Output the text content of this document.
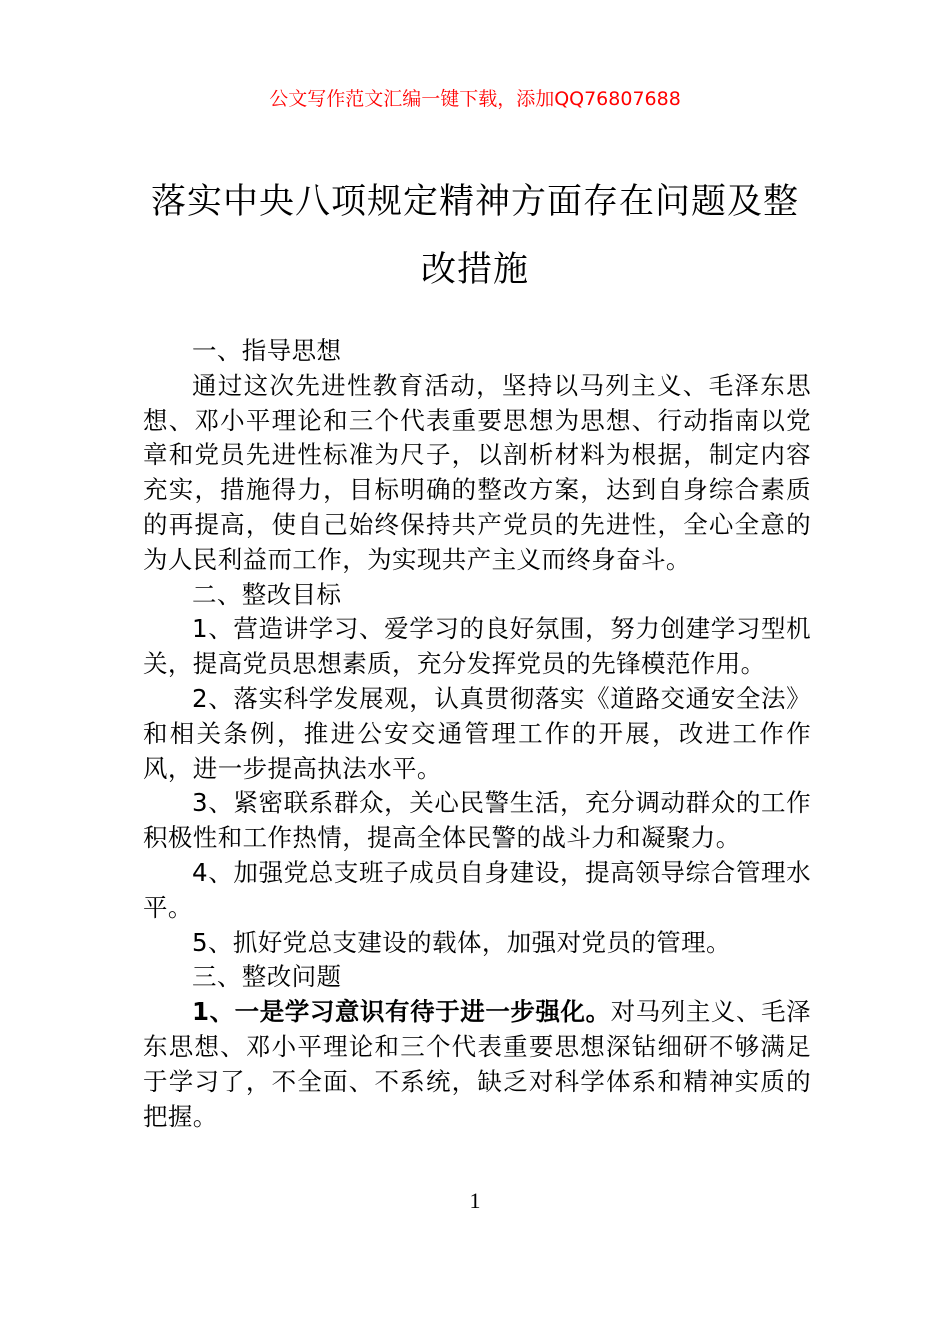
公文写作范文汇编一键下载，添加QQ76807688
落实中央八项规定精神方面存在问题及整改措施

一、指导思想

通过这次先进性教育活动，坚持以马列主义、毛泽东思想、邓小平理论和三个代表重要思想为思想、行动指南以党章和党员先进性标准为尺子，以剖析材料为根据，制定内容充实，措施得力，目标明确的整改方案，达到自身综合素质的再提高，使自己始终保持共产党员的先进性，全心全意的为人民利益而工作，为实现共产主义而终身奋斗。

二、整改目标

1、营造讲学习、爱学习的良好氛围，努力创建学习型机关，提高党员思想素质，充分发挥党员的先锋模范作用。

2、落实科学发展观，认真贯彻落实《道路交通安全法》和相关条例，推进公安交通管理工作的开展，改进工作作风，进一步提高执法水平。

3、紧密联系群众，关心民警生活，充分调动群众的工作积极性和工作热情，提高全体民警的战斗力和凝聚力。

4、加强党总支班子成员自身建设，提高领导综合管理水平。

5、抓好党总支建设的载体，加强对党员的管理。

三、整改问题

1、一是学习意识有待于进一步强化。对马列主义、毛泽东思想、邓小平理论和三个代表重要思想深钻细研不够满足于学习了，不全面、不系统，缺乏对科学体系和精神实质的把握。

1
